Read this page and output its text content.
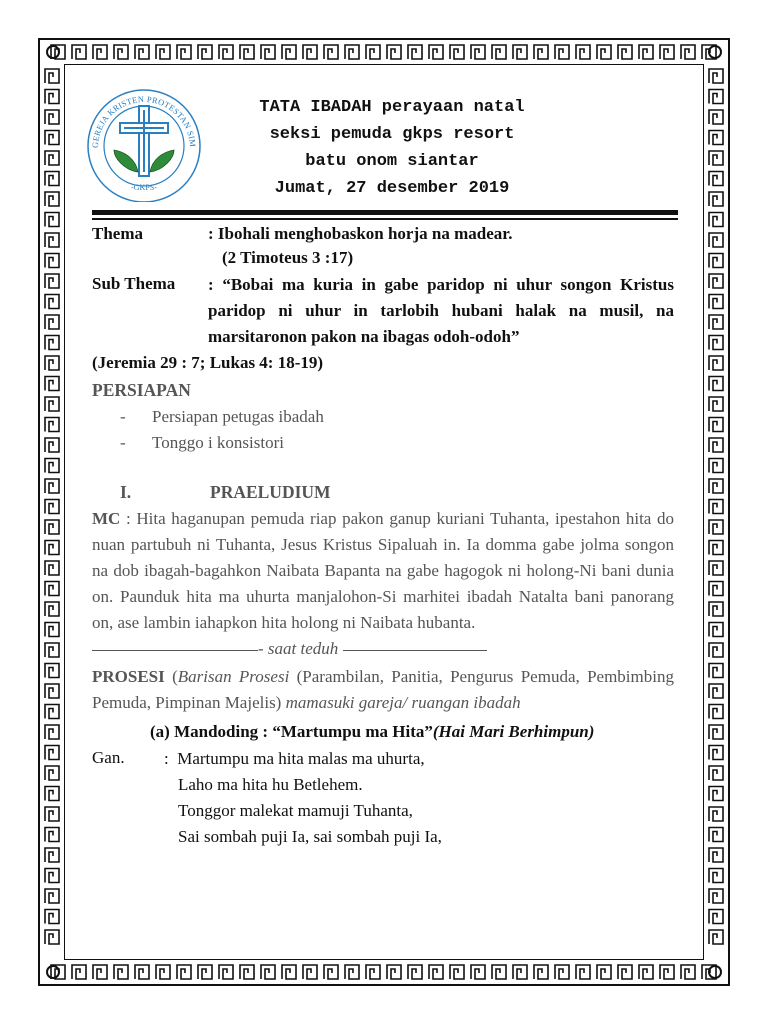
GEREJA KRISTEN PROTESTAN SIM
-GKPS-
TATA IBADAH perayaan natal
seksi pemuda gkps resort
batu onom siantar
Jumat, 27 desember 2019
Thema	: Ibohali menghobaskon horja na madear.
(2 Timoteus 3 :17)
Sub Thema	: “Bobai ma kuria in gabe paridop ni uhur songon Kristus paridop ni uhur in tarlobih hubani halak na musil, na marsitaronon pakon na ibagas odoh-odoh”
(Jeremia 29 : 7; Lukas 4: 18-19)
PERSIAPAN
- Persiapan petugas ibadah
- Tonggo i konsistori
I.	PRAELUDIUM
MC : Hita haganupan pemuda riap pakon ganup kuriani Tuhanta, ipestahon hita do nuan partubuh ni Tuhanta, Jesus Kristus Sipaluah in. Ia domma gabe jolma songon na dob ibagah-bagahkon Naibata Bapanta na gabe hagogok ni holong-Ni bani dunia on. Paunduk hita ma uhurta manjalohon-Si marhitei ibadah Natalta bani panorang on, ase lambin iahapkon hita holong ni Naibata hubanta.
- saat teduh
PROSESI (Barisan Prosesi (Parambilan, Panitia, Pengurus Pemuda, Pembimbing Pemuda, Pimpinan Majelis) mamasuki gareja/ ruangan ibadah
(a) Mandoding : “Martumpu ma Hita”(Hai Mari Berhimpun)
Gan.	: Martumpu ma hita malas ma uhurta,
Laho ma hita hu Betlehem.
Tonggor malekat mamuji Tuhanta,
Sai sombah puji Ia, sai sombah puji Ia,
